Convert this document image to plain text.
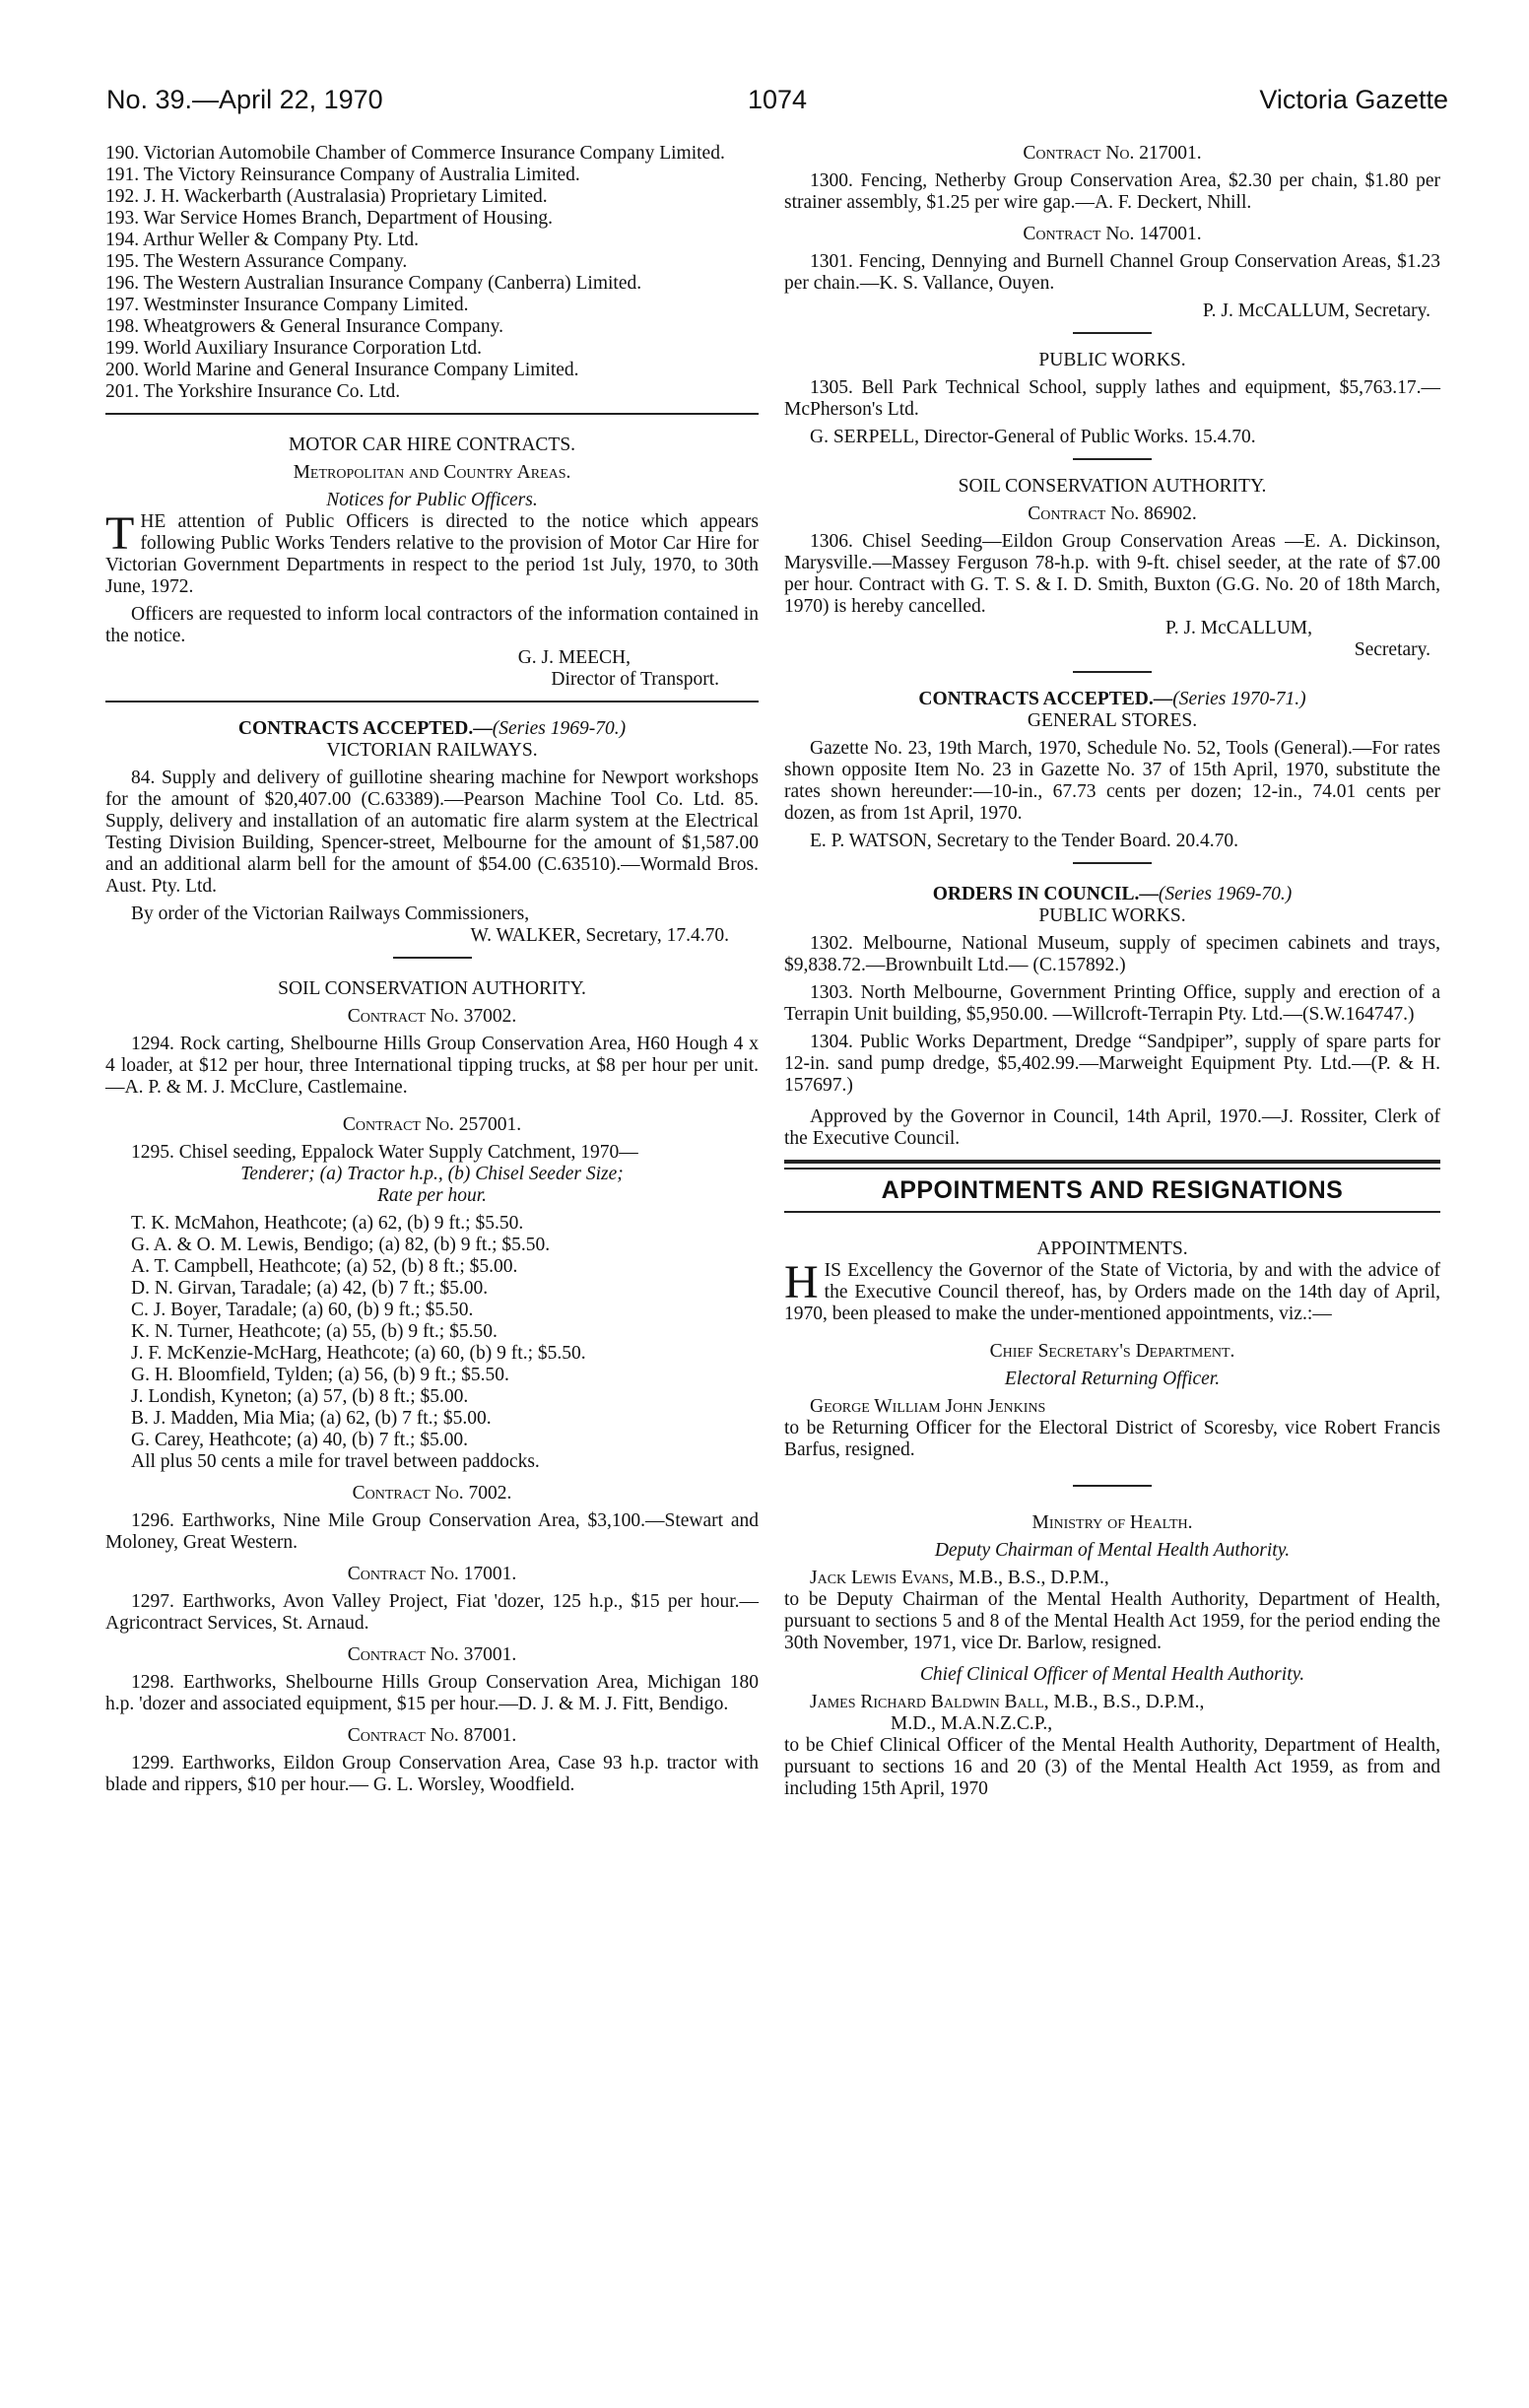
No. 39.—April 22, 1970	1074	Victoria Gazette

190. Victorian Automobile Chamber of Commerce Insurance Company Limited.

191. The Victory Reinsurance Company of Australia Limited.

192. J. H. Wackerbarth (Australasia) Proprietary Limited.

193. War Service Homes Branch, Department of Housing.

194. Arthur Weller & Company Pty. Ltd.

195. The Western Assurance Company.

196. The Western Australian Insurance Company (Canberra) Limited.

197. Westminster Insurance Company Limited.

198. Wheatgrowers & General Insurance Company.

199. World Auxiliary Insurance Corporation Ltd.

200. World Marine and General Insurance Company Limited.

201. The Yorkshire Insurance Co. Ltd.

MOTOR CAR HIRE CONTRACTS.

Metropolitan and Country Areas.

Notices for Public Officers.

THE attention of Public Officers is directed to the notice which appears following Public Works Tenders relative to the provision of Motor Car Hire for Victorian Government Departments in respect to the period 1st July, 1970, to 30th June, 1972.

Officers are requested to inform local contractors of the information contained in the notice.

G. J. MEECH,

Director of Transport.

CONTRACTS ACCEPTED.—(Series 1969-70.)

VICTORIAN RAILWAYS.

84. Supply and delivery of guillotine shearing machine for Newport workshops for the amount of $20,407.00 (C.63389).—Pearson Machine Tool Co. Ltd. 85. Supply, delivery and installation of an automatic fire alarm system at the Electrical Testing Division Building, Spencer-street, Melbourne for the amount of $1,587.00 and an additional alarm bell for the amount of $54.00 (C.63510).—Wormald Bros. Aust. Pty. Ltd.

By order of the Victorian Railways Commissioners,

W. WALKER, Secretary, 17.4.70.

SOIL CONSERVATION AUTHORITY.

Contract No. 37002.

1294. Rock carting, Shelbourne Hills Group Conservation Area, H60 Hough 4 x 4 loader, at $12 per hour, three International tipping trucks, at $8 per hour per unit.—A. P. & M. J. McClure, Castlemaine.

Contract No. 257001.

1295. Chisel seeding, Eppalock Water Supply Catchment, 1970—

Tenderer; (a) Tractor h.p., (b) Chisel Seeder Size;

Rate per hour.

T. K. McMahon, Heathcote; (a) 62, (b) 9 ft.; $5.50.

G. A. & O. M. Lewis, Bendigo; (a) 82, (b) 9 ft.; $5.50.

A. T. Campbell, Heathcote; (a) 52, (b) 8 ft.; $5.00.

D. N. Girvan, Taradale; (a) 42, (b) 7 ft.; $5.00.

C. J. Boyer, Taradale; (a) 60, (b) 9 ft.; $5.50.

K. N. Turner, Heathcote; (a) 55, (b) 9 ft.; $5.50.

J. F. McKenzie-McHarg, Heathcote; (a) 60, (b) 9 ft.; $5.50.

G. H. Bloomfield, Tylden; (a) 56, (b) 9 ft.; $5.50.

J. Londish, Kyneton; (a) 57, (b) 8 ft.; $5.00.

B. J. Madden, Mia Mia; (a) 62, (b) 7 ft.; $5.00.

G. Carey, Heathcote; (a) 40, (b) 7 ft.; $5.00.

All plus 50 cents a mile for travel between paddocks.

Contract No. 7002.

1296. Earthworks, Nine Mile Group Conservation Area, $3,100.—Stewart and Moloney, Great Western.

Contract No. 17001.

1297. Earthworks, Avon Valley Project, Fiat 'dozer, 125 h.p., $15 per hour.—Agricontract Services, St. Arnaud.

Contract No. 37001.

1298. Earthworks, Shelbourne Hills Group Conservation Area, Michigan 180 h.p. 'dozer and associated equipment, $15 per hour.—D. J. & M. J. Fitt, Bendigo.

Contract No. 87001.

1299. Earthworks, Eildon Group Conservation Area, Case 93 h.p. tractor with blade and rippers, $10 per hour.— G. L. Worsley, Woodfield.

Contract No. 217001.

1300. Fencing, Netherby Group Conservation Area, $2.30 per chain, $1.80 per strainer assembly, $1.25 per wire gap.—A. F. Deckert, Nhill.

Contract No. 147001.

1301. Fencing, Dennying and Burnell Channel Group Conservation Areas, $1.23 per chain.—K. S. Vallance, Ouyen.

P. J. McCALLUM, Secretary.

PUBLIC WORKS.

1305. Bell Park Technical School, supply lathes and equipment, $5,763.17.—McPherson's Ltd.

G. SERPELL, Director-General of Public Works. 15.4.70.

SOIL CONSERVATION AUTHORITY.

Contract No. 86902.

1306. Chisel Seeding—Eildon Group Conservation Areas —E. A. Dickinson, Marysville.—Massey Ferguson 78-h.p. with 9-ft. chisel seeder, at the rate of $7.00 per hour. Contract with G. T. S. & I. D. Smith, Buxton (G.G. No. 20 of 18th March, 1970) is hereby cancelled.

P. J. McCALLUM,

Secretary.

CONTRACTS ACCEPTED.—(Series 1970-71.)

GENERAL STORES.

Gazette No. 23, 19th March, 1970, Schedule No. 52, Tools (General).—For rates shown opposite Item No. 23 in Gazette No. 37 of 15th April, 1970, substitute the rates shown hereunder:—10-in., 67.73 cents per dozen; 12-in., 74.01 cents per dozen, as from 1st April, 1970.

E. P. WATSON, Secretary to the Tender Board. 20.4.70.

ORDERS IN COUNCIL.—(Series 1969-70.)

PUBLIC WORKS.

1302. Melbourne, National Museum, supply of specimen cabinets and trays, $9,838.72.—Brownbuilt Ltd.— (C.157892.)

1303. North Melbourne, Government Printing Office, supply and erection of a Terrapin Unit building, $5,950.00. —Willcroft-Terrapin Pty. Ltd.—(S.W.164747.)

1304. Public Works Department, Dredge “Sandpiper”, supply of spare parts for 12-in. sand pump dredge, $5,402.99.—Marweight Equipment Pty. Ltd.—(P. & H. 157697.)

Approved by the Governor in Council, 14th April, 1970.—J. Rossiter, Clerk of the Executive Council.

APPOINTMENTS AND RESIGNATIONS

APPOINTMENTS.

HIS Excellency the Governor of the State of Victoria, by and with the advice of the Executive Council thereof, has, by Orders made on the 14th day of April, 1970, been pleased to make the under-mentioned appointments, viz.:—

Chief Secretary's Department.

Electoral Returning Officer.

George William John Jenkins

to be Returning Officer for the Electoral District of Scoresby, vice Robert Francis Barfus, resigned.

Ministry of Health.

Deputy Chairman of Mental Health Authority.

Jack Lewis Evans, M.B., B.S., D.P.M.,

to be Deputy Chairman of the Mental Health Authority, Department of Health, pursuant to sections 5 and 8 of the Mental Health Act 1959, for the period ending the 30th November, 1971, vice Dr. Barlow, resigned.

Chief Clinical Officer of Mental Health Authority.

James Richard Baldwin Ball, M.B., B.S., D.P.M.,

M.D., M.A.N.Z.C.P.,

to be Chief Clinical Officer of the Mental Health Authority, Department of Health, pursuant to sections 16 and 20 (3) of the Mental Health Act 1959, as from and including 15th April, 1970
